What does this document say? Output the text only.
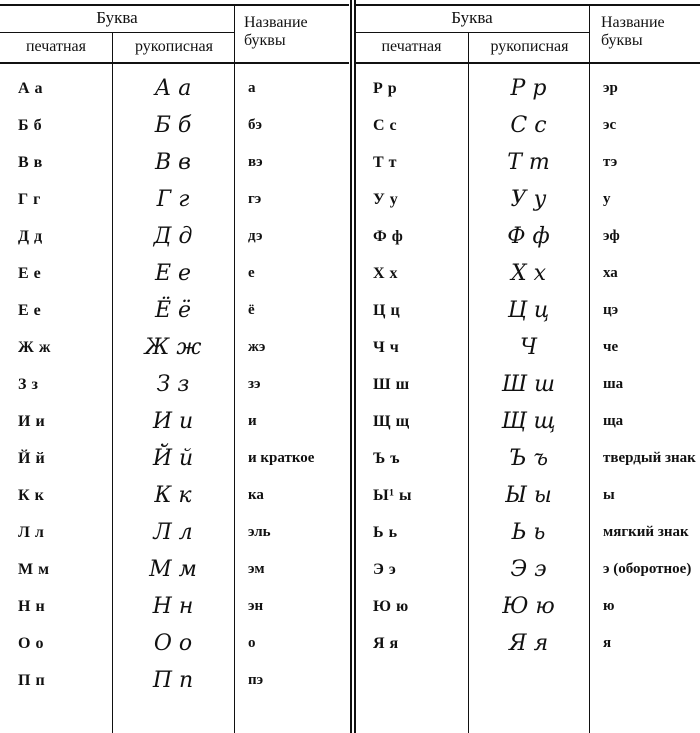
Буква
печатная	рукописная
Название буквы
А а	А а	а
Б б	Б б	бэ
В в	В в	вэ
Г г	Г г	гэ
Д д	Д д	дэ
Е е	Е е	е
Е е	Ё ё	ё
Ж ж	Ж ж	жэ
З з	З з	зэ
И и	И и	и
Й й	Й й	и краткое
К к	К к	ка
Л л	Л л	эль
М м	М м	эм
Н н	Н н	эн
О о	О о	о
П п	П п	пэ
Буква
печатная	рукописная
Название буквы
Р р	Р р	эр
С с	С с	эс
Т т	Т т	тэ
У у	У у	у
Ф ф	Ф ф	эф
Х х	Х х	ха
Ц ц	Ц ц	цэ
Ч ч	Ч	че
Ш ш	Ш ш	ша
Щ щ	Щ щ	ща
Ъ ъ	Ъ ъ	твердый знак
Ы¹ ы	Ы ы	ы
Ь ь	Ь ь	мягкий знак
Э э	Э э	э (оборотное)
Ю ю	Ю ю	ю
Я я	Я я	я
